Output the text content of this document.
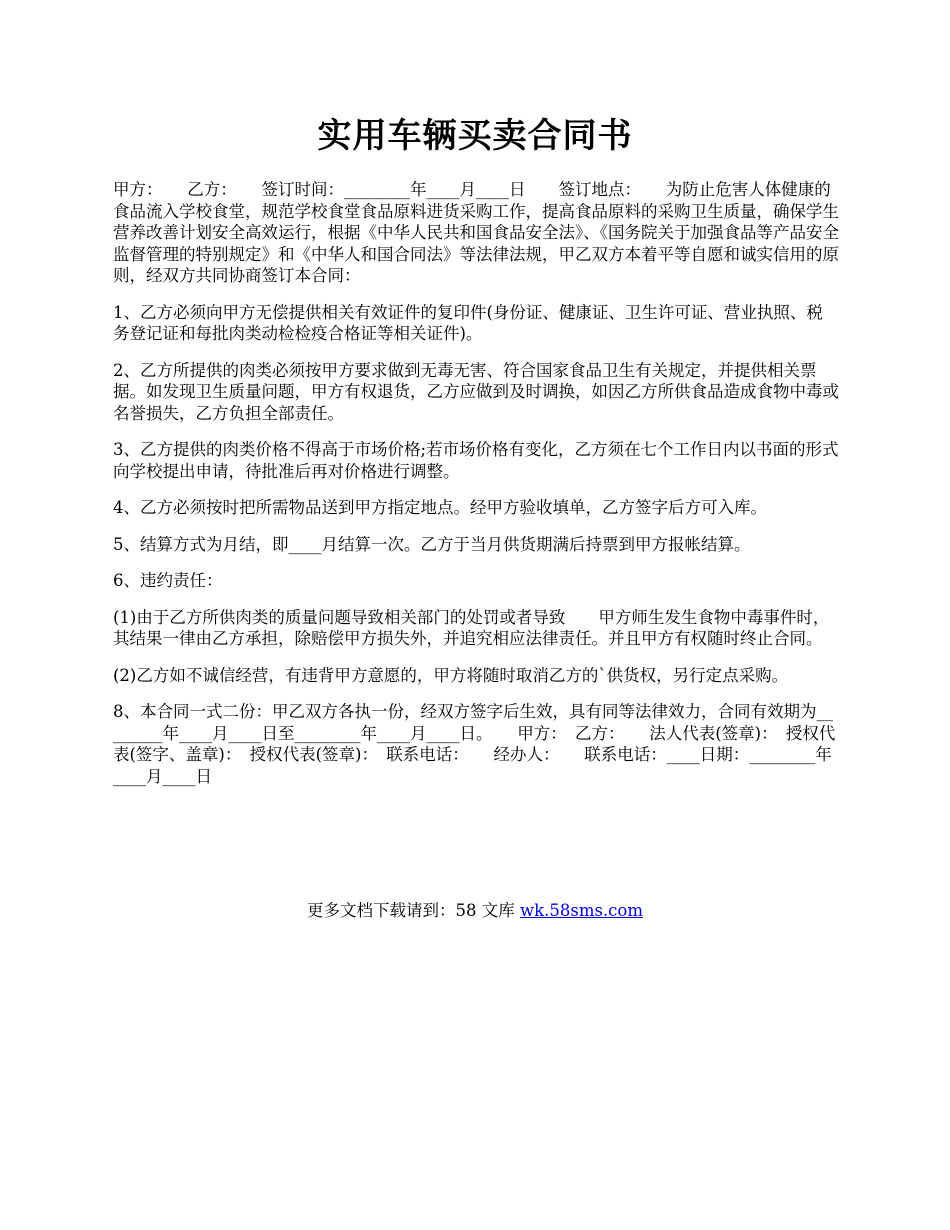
实用车辆买卖合同书

甲方：　　乙方：　　签订时间：________年____月____日　　签订地点：　　为防止危害人体健康的食品流入学校食堂，规范学校食堂食品原料进货采购工作，提高食品原料的采购卫生质量，确保学生营养改善计划安全高效运行，根据《中华人民共和国食品安全法》、《国务院关于加强食品等产品安全监督管理的特别规定》和《中华人和国合同法》等法律法规，甲乙双方本着平等自愿和诚实信用的原则，经双方共同协商签订本合同：

1、乙方必须向甲方无偿提供相关有效证件的复印件(身份证、健康证、卫生许可证、营业执照、税务登记证和每批肉类动检检疫合格证等相关证件)。

2、乙方所提供的肉类必须按甲方要求做到无毒无害、符合国家食品卫生有关规定，并提供相关票据。如发现卫生质量问题，甲方有权退货，乙方应做到及时调换，如因乙方所供食品造成食物中毒或名誉损失，乙方负担全部责任。

3、乙方提供的肉类价格不得高于市场价格;若市场价格有变化，乙方须在七个工作日内以书面的形式向学校提出申请，待批准后再对价格进行调整。

4、乙方必须按时把所需物品送到甲方指定地点。经甲方验收填单，乙方签字后方可入库。

5、结算方式为月结，即____月结算一次。乙方于当月供货期满后持票到甲方报帐结算。

6、违约责任：

(1)由于乙方所供肉类的质量问题导致相关部门的处罚或者导致　　甲方师生发生食物中毒事件时，其结果一律由乙方承担，除赔偿甲方损失外，并追究相应法律责任。并且甲方有权随时终止合同。

(2)乙方如不诚信经营，有违背甲方意愿的，甲方将随时取消乙方的`供货权，另行定点采购。

8、本合同一式二份：甲乙双方各执一份，经双方签字后生效，具有同等法律效力，合同有效期为________年____月____日至________年____月____日。　　甲方：　乙方：　　法人代表(签章)：　授权代表(签字、盖章)：　授权代表(签章)：　联系电话：　　经办人：　　联系电话：____日期：________年____月____日

更多文档下载请到：58 文库 wk.58sms.com
